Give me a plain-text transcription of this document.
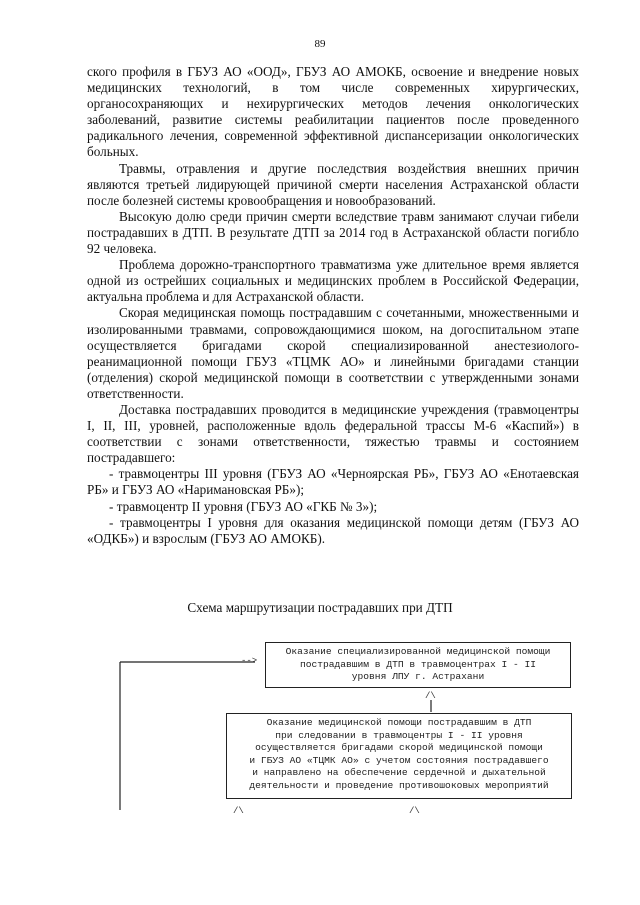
89

ского профиля в ГБУЗ АО «ООД», ГБУЗ АО АМОКБ, освоение и внедрение новых медицинских технологий, в том числе современных хирургических, органосохраняющих и нехирургических методов лечения онкологических заболеваний, развитие системы реабилитации пациентов после проведенного радикального лечения, современной эффективной диспансеризации онкологических больных.

Травмы, отравления и другие последствия воздействия внешних причин являются третьей лидирующей причиной смерти населения Астраханской области после болезней системы кровообращения и новообразований.

Высокую долю среди причин смерти вследствие травм занимают случаи гибели пострадавших в ДТП. В результате ДТП за 2014 год в Астраханской области погибло 92 человека.

Проблема дорожно-транспортного травматизма уже длительное время является одной из острейших социальных и медицинских проблем в Российской Федерации, актуальна проблема и для Астраханской области.

Скорая медицинская помощь пострадавшим с сочетанными, множественными и изолированными травмами, сопровождающимися шоком, на догоспитальном этапе осуществляется бригадами скорой специализированной анестезиолого-реанимационной помощи ГБУЗ «ТЦМК АО» и линейными бригадами станции (отделения) скорой медицинской помощи в соответствии с утвержденными зонами ответственности.

Доставка пострадавших проводится в медицинские учреждения (травмоцентры I, II, III, уровней, расположенные вдоль федеральной трассы М-6 «Каспий») в соответствии с зонами ответственности, тяжестью травмы и состоянием пострадавшего:

- травмоцентры III уровня (ГБУЗ АО «Черноярская РБ», ГБУЗ АО «Енотаевская РБ» и ГБУЗ АО «Наримановская РБ»);

- травмоцентр II уровня (ГБУЗ АО «ГКБ № 3»);

- травмоцентры I уровня для оказания медицинской помощи детям (ГБУЗ АО «ОДКБ») и взрослым (ГБУЗ АО АМОКБ).

Схема маршрутизации пострадавших при ДТП
-->
Оказание специализированной медицинской помощи
пострадавшим в ДТП в травмоцентрах I - II
уровня ЛПУ г. Астрахани
/\
Оказание медицинской помощи пострадавшим в ДТП
при следовании в травмоцентры I - II уровня
осуществляется бригадами скорой медицинской помощи
и ГБУЗ АО «ТЦМК АО» с учетом состояния пострадавшего
и направлено на обеспечение сердечной и дыхательной
деятельности и проведение противошоковых мероприятий
/\	/\
